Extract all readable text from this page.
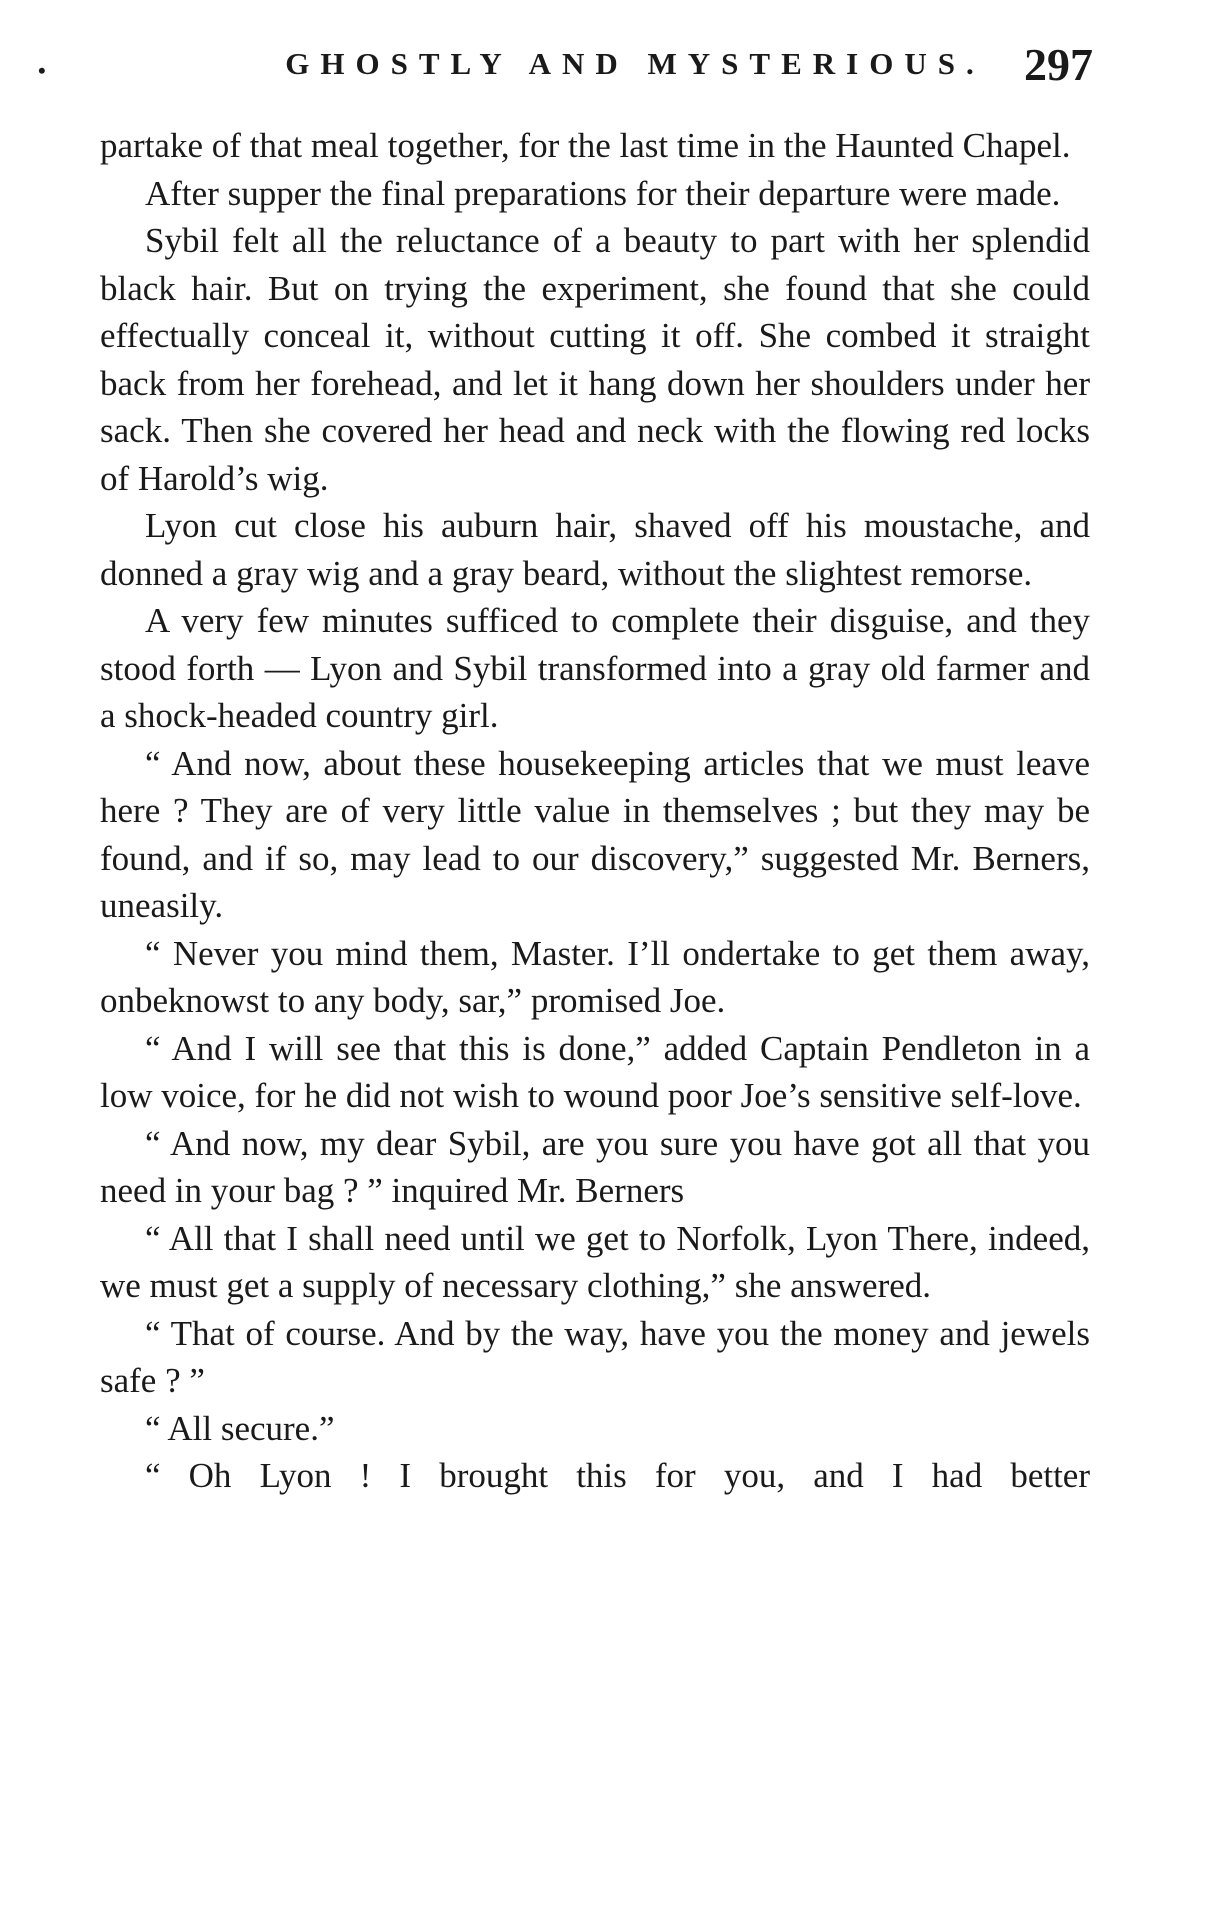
•	GHOSTLY AND MYSTERIOUS. 297

partake of that meal together, for the last time in the Haunted Chapel.

After supper the final preparations for their departure were made.

Sybil felt all the reluctance of a beauty to part with her splendid black hair. But on trying the experiment, she found that she could effectually conceal it, without cutting it off. She combed it straight back from her forehead, and let it hang down her shoulders under her sack. Then she covered her head and neck with the flowing red locks of Harold’s wig.

Lyon cut close his auburn hair, shaved off his moustache, and donned a gray wig and a gray beard, without the slightest remorse.

A very few minutes sufficed to complete their disguise, and they stood forth — Lyon and Sybil transformed into a gray old farmer and a shock-headed country girl.

“ And now, about these housekeeping articles that we must leave here ? They are of very little value in themselves ; but they may be found, and if so, may lead to our discovery,” suggested Mr. Berners, uneasily.

“ Never you mind them, Master. I’ll ondertake to get them away, onbeknowst to any body, sar,” promised Joe.

“ And I will see that this is done,” added Captain Pendleton in a low voice, for he did not wish to wound poor Joe’s sensitive self-love.

“ And now, my dear Sybil, are you sure you have got all that you need in your bag ? ” inquired Mr. Berners

“ All that I shall need until we get to Norfolk, Lyon There, indeed, we must get a supply of necessary clothing,” she answered.

“ That of course. And by the way, have you the money and jewels safe ? ”

“ All secure.”

“ Oh Lyon ! I brought this for you, and I had better
